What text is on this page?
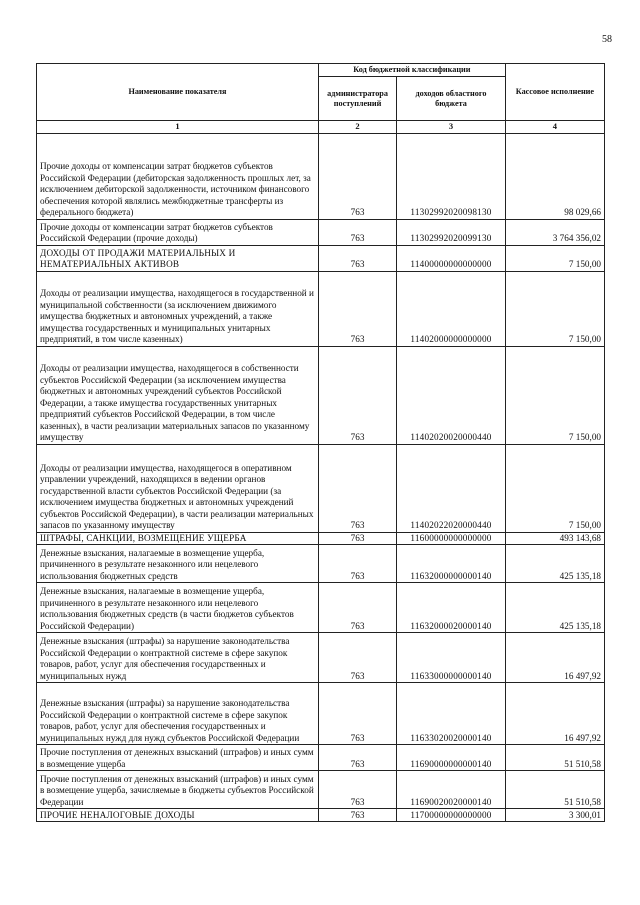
58
Наименование показателя	Код бюджетной классификации		Кассовое исполнение
	администратора поступлений	доходов областного бюджета	
1	2	3	4
Прочие доходы от компенсации затрат бюджетов субъектов Российской Федерации (дебиторская задолженность прошлых лет, за исключением дебиторской задолженности, источником финансового обеспечения которой являлись межбюджетные трансферты из федерального бюджета)	763	11302992020098130	98 029,66
Прочие доходы от компенсации затрат бюджетов субъектов Российской Федерации (прочие доходы)	763	11302992020099130	3 764 356,02
ДОХОДЫ ОТ ПРОДАЖИ МАТЕРИАЛЬНЫХ И НЕМАТЕРИАЛЬНЫХ АКТИВОВ	763	11400000000000000	7 150,00
Доходы от реализации имущества, находящегося в государственной и муниципальной собственности (за исключением движимого имущества бюджетных и автономных учреждений, а также имущества государственных и муниципальных унитарных предприятий, в том числе казенных)	763	11402000000000000	7 150,00
Доходы от реализации имущества, находящегося в собственности субъектов Российской Федерации (за исключением имущества бюджетных и автономных учреждений субъектов Российской Федерации, а также имущества государственных унитарных предприятий субъектов Российской Федерации, в том числе казенных), в части реализации материальных запасов по указанному имуществу	763	11402020020000440	7 150,00
Доходы от реализации имущества, находящегося в оперативном управлении учреждений, находящихся в ведении органов государственной власти субъектов Российской Федерации (за исключением имущества бюджетных и автономных учреждений субъектов Российской Федерации), в части реализации материальных запасов по указанному имуществу	763	11402022020000440	7 150,00
ШТРАФЫ, САНКЦИИ, ВОЗМЕЩЕНИЕ УЩЕРБА	763	11600000000000000	493 143,68
Денежные взыскания, налагаемые в возмещение ущерба, причиненного в результате незаконного или нецелевого использования бюджетных средств	763	11632000000000140	425 135,18
Денежные взыскания, налагаемые в возмещение ущерба, причиненного в результате незаконного или нецелевого использования бюджетных средств (в части бюджетов субъектов Российской Федерации)	763	11632000020000140	425 135,18
Денежные взыскания (штрафы) за нарушение законодательства Российской Федерации о контрактной системе в сфере закупок товаров, работ, услуг для обеспечения государственных и муниципальных нужд	763	11633000000000140	16 497,92
Денежные взыскания (штрафы) за нарушение законодательства Российской Федерации о контрактной системе в сфере закупок товаров, работ, услуг для обеспечения государственных и муниципальных нужд для нужд субъектов Российской Федерации	763	11633020020000140	16 497,92
Прочие поступления от денежных взысканий (штрафов) и иных сумм в возмещение ущерба	763	11690000000000140	51 510,58
Прочие поступления от денежных взысканий (штрафов) и иных сумм в возмещение ущерба, зачисляемые в бюджеты субъектов Российской Федерации	763	11690020020000140	51 510,58
ПРОЧИЕ НЕНАЛОГОВЫЕ ДОХОДЫ	763	11700000000000000	3 300,01
